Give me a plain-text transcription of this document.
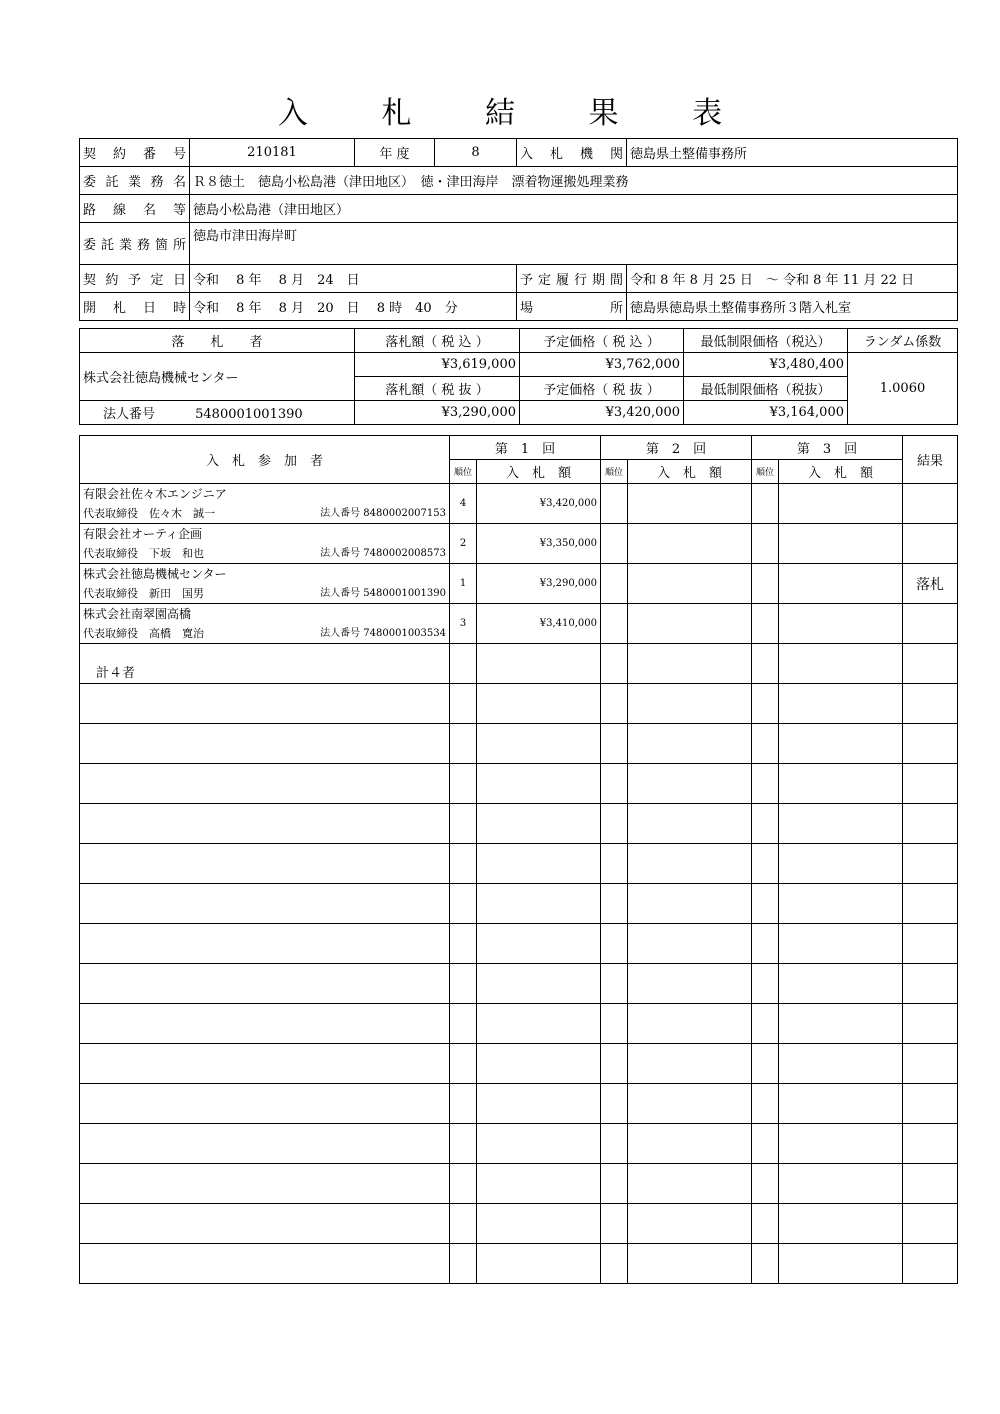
入 札 結 果 表
契約番号	210181	年 度	8	入札機関	徳島県土整備事務所
委託業務名	Ｒ８徳土　徳島小松島港（津田地区）　徳・津田海岸　漂着物運搬処理業務				
路線名等	徳島小松島港（津田地区）				
委託業務箇所	徳島市津田海岸町				
契約予定日	令和　 8 年　 8 月　24　日			予定履行期間	令和 8 年 8 月 25 日　～ 令和 8 年 11 月 22 日
開札日時	令和　 8 年　 8 月　20　日　 8 時　40　分			場　　所	徳島県徳島県土整備事務所３階入札室
落　　札　　者	落札額（ 税 込 ）	予定価格（ 税 込 ）	最低制限価格（税込）	ランダム係数
株式会社徳島機械センター	¥3,619,000	¥3,762,000	¥3,480,400	1.0060
	落札額（ 税 抜 ）	予定価格（ 税 抜 ）	最低制限価格（税抜）	
法人番号 5480001001390	¥3,290,000	¥3,420,000	¥3,164,000	
入　札　参　加　者	第　1　回		第　2　回		第　3　回		結果
	順位	入　札　額	順位	入　札　額	順位	入　札　額	

有限会社佐々木エンジニア
代表取締役　佐々木　誠一 法人番号 8480002007153	4	¥3,420,000					

有限会社オーティ企画
代表取締役　下坂　和也 法人番号 7480002008573	2	¥3,350,000					

株式会社徳島機械センター
代表取締役　新田　国男 法人番号 5480001001390	1	¥3,290,000					落札

株式会社南翠園高橋
代表取締役　高橋　寛治 法人番号 7480001003534	3	¥3,410,000					
計４者							
